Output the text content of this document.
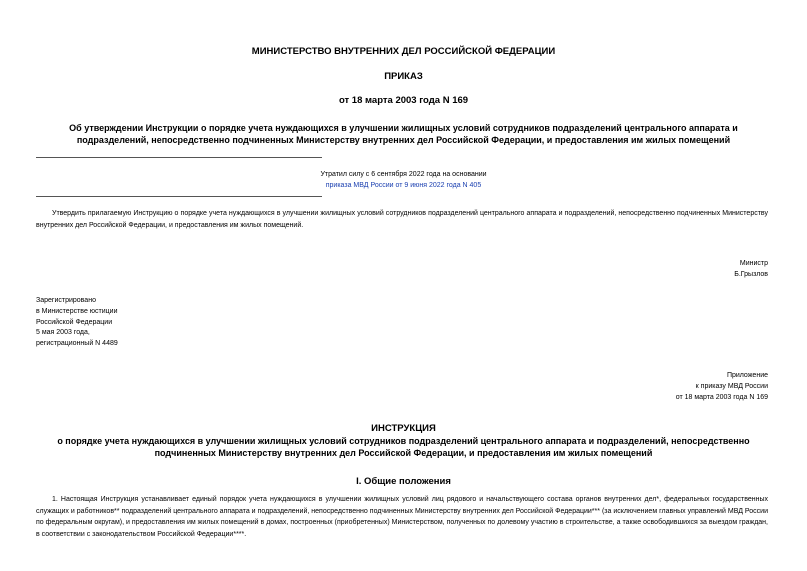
МИНИСТЕРСТВО ВНУТРЕННИХ ДЕЛ РОССИЙСКОЙ ФЕДЕРАЦИИ
ПРИКАЗ
от 18 марта 2003 года N 169
Об утверждении Инструкции о порядке учета нуждающихся в улучшении жилищных условий сотрудников подразделений центрального аппарата и
подразделений, непосредственно подчиненных Министерству внутренних дел Российской Федерации, и предоставления им жилых помещений
Утратил силу с 6 сентября 2022 года на основании
приказа МВД России от 9 июня 2022 года N 405
Утвердить прилагаемую Инструкцию о порядке учета нуждающихся в улучшении жилищных условий сотрудников подразделений центрального аппарата и подразделений, непосредственно подчиненных Министерству внутренних дел Российской Федерации, и предоставления им жилых помещений.
Министр
Б.Грызлов
Зарегистрировано
в Министерстве юстиции
Российской Федерации
5 мая 2003 года,
регистрационный N 4489
Приложение
к приказу МВД России
от 18 марта 2003 года N 169
ИНСТРУКЦИЯ
о порядке учета нуждающихся в улучшении жилищных условий сотрудников подразделений центрального аппарата и подразделений, непосредственно
подчиненных Министерству внутренних дел Российской Федерации, и предоставления им жилых помещений
I. Общие положения
1. Настоящая Инструкция устанавливает единый порядок учета нуждающихся в улучшении жилищных условий лиц рядового и начальствующего состава органов внутренних дел*, федеральных государственных служащих и работников** подразделений центрального аппарата и подразделений, непосредственно подчиненных Министерству внутренних дел Российской Федерации*** (за исключением главных управлений МВД России по федеральным округам), и предоставления им жилых помещений в домах, построенных (приобретенных) Министерством, полученных по долевому участию в строительстве, а также освободившихся за выездом граждан, в соответствии с законодательством Российской Федерации****.
